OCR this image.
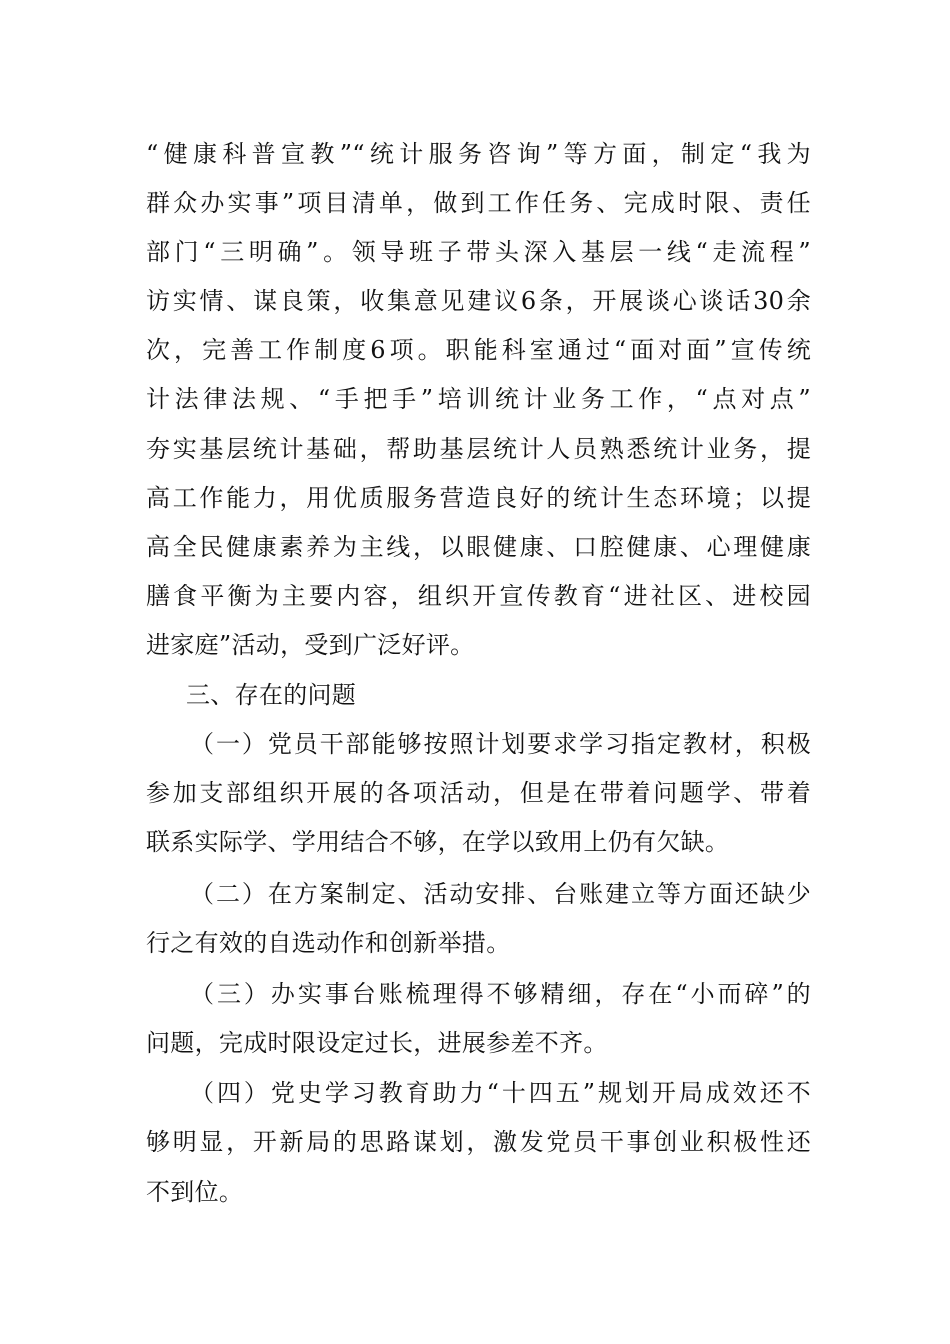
“健康科普宣教”“统计服务咨询”等方面，制定“我为
群众办实事”项目清单，做到工作任务、完成时限、责任
部门“三明确”。领导班子带头深入基层一线“走流程”
访实情、谋良策，收集意见建议6条，开展谈心谈话30余
次，完善工作制度6项。职能科室通过“面对面”宣传统
计法律法规、“手把手”培训统计业务工作，“点对点”
夯实基层统计基础，帮助基层统计人员熟悉统计业务，提
高工作能力，用优质服务营造良好的统计生态环境；以提
高全民健康素养为主线，以眼健康、口腔健康、心理健康
膳食平衡为主要内容，组织开宣传教育“进社区、进校园
进家庭”活动，受到广泛好评。
三、存在的问题
（一）党员干部能够按照计划要求学习指定教材，积极
参加支部组织开展的各项活动，但是在带着问题学、带着
联系实际学、学用结合不够，在学以致用上仍有欠缺。
（二）在方案制定、活动安排、台账建立等方面还缺少
行之有效的自选动作和创新举措。
（三）办实事台账梳理得不够精细，存在“小而碎”的
问题，完成时限设定过长，进展参差不齐。
（四）党史学习教育助力“十四五”规划开局成效还不
够明显，开新局的思路谋划，激发党员干事创业积极性还
不到位。
